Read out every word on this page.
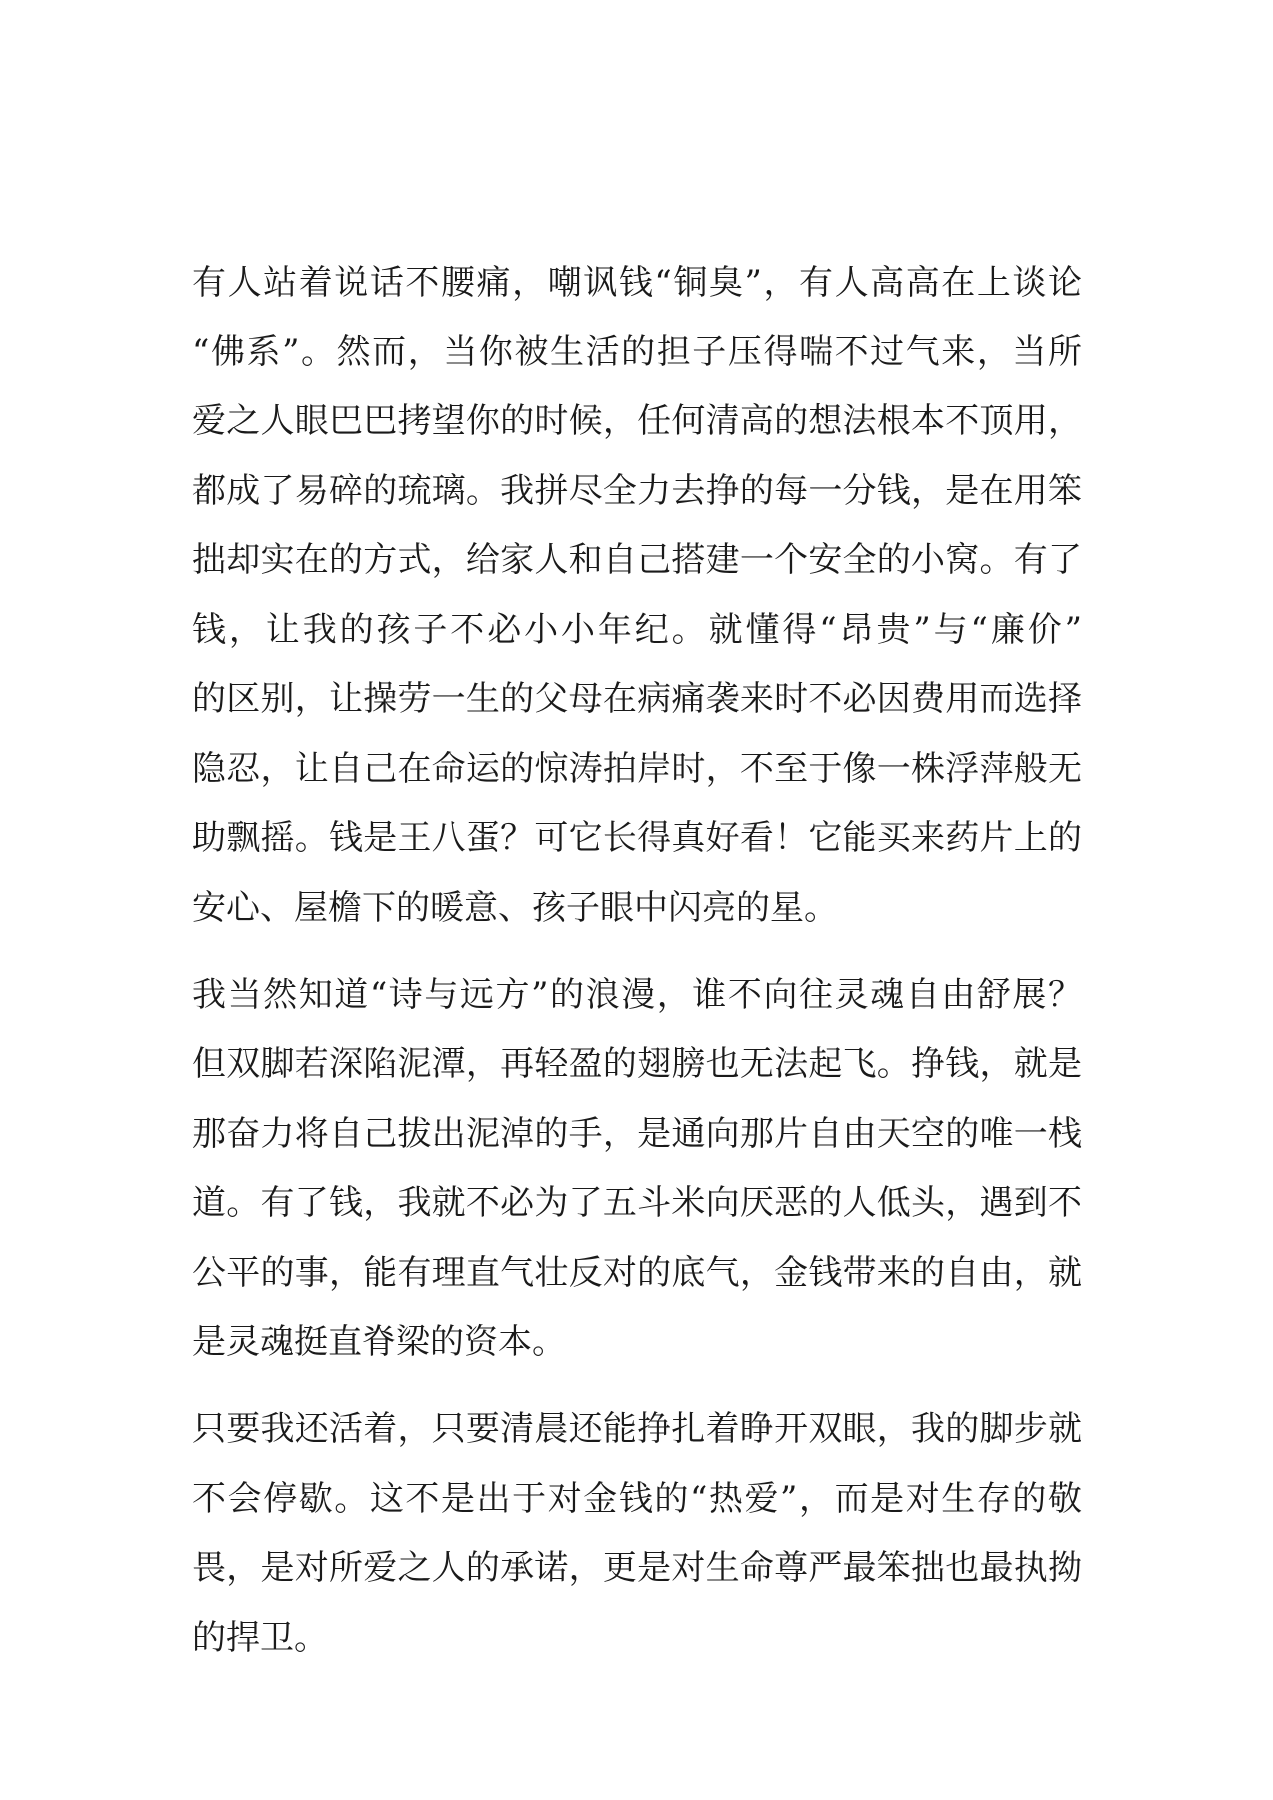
有人站着说话不腰痛，嘲讽钱“铜臭”，有人高高在上谈论

“佛系”。然而，当你被生活的担子压得喘不过气来，当所

爱之人眼巴巴拷望你的时候，任何清高的想法根本不顶用，

都成了易碎的琉璃。我拼尽全力去挣的每一分钱，是在用笨

拙却实在的方式，给家人和自己搭建一个安全的小窝。有了

钱，让我的孩子不必小小年纪。就懂得“昂贵”与“廉价”

的区别，让操劳一生的父母在病痛袭来时不必因费用而选择

隐忍，让自己在命运的惊涛拍岸时，不至于像一株浮萍般无

助飘摇。钱是王八蛋？可它长得真好看！它能买来药片上的

安心、屋檐下的暖意、孩子眼中闪亮的星。

我当然知道“诗与远方”的浪漫，谁不向往灵魂自由舒展？

但双脚若深陷泥潭，再轻盈的翅膀也无法起飞。挣钱，就是

那奋力将自己拔出泥淖的手，是通向那片自由天空的唯一栈

道。有了钱，我就不必为了五斗米向厌恶的人低头，遇到不

公平的事，能有理直气壮反对的底气，金钱带来的自由，就

是灵魂挺直脊梁的资本。

只要我还活着，只要清晨还能挣扎着睁开双眼，我的脚步就

不会停歇。这不是出于对金钱的“热爱”，而是对生存的敬

畏，是对所爱之人的承诺，更是对生命尊严最笨拙也最执拗

的捍卫。
